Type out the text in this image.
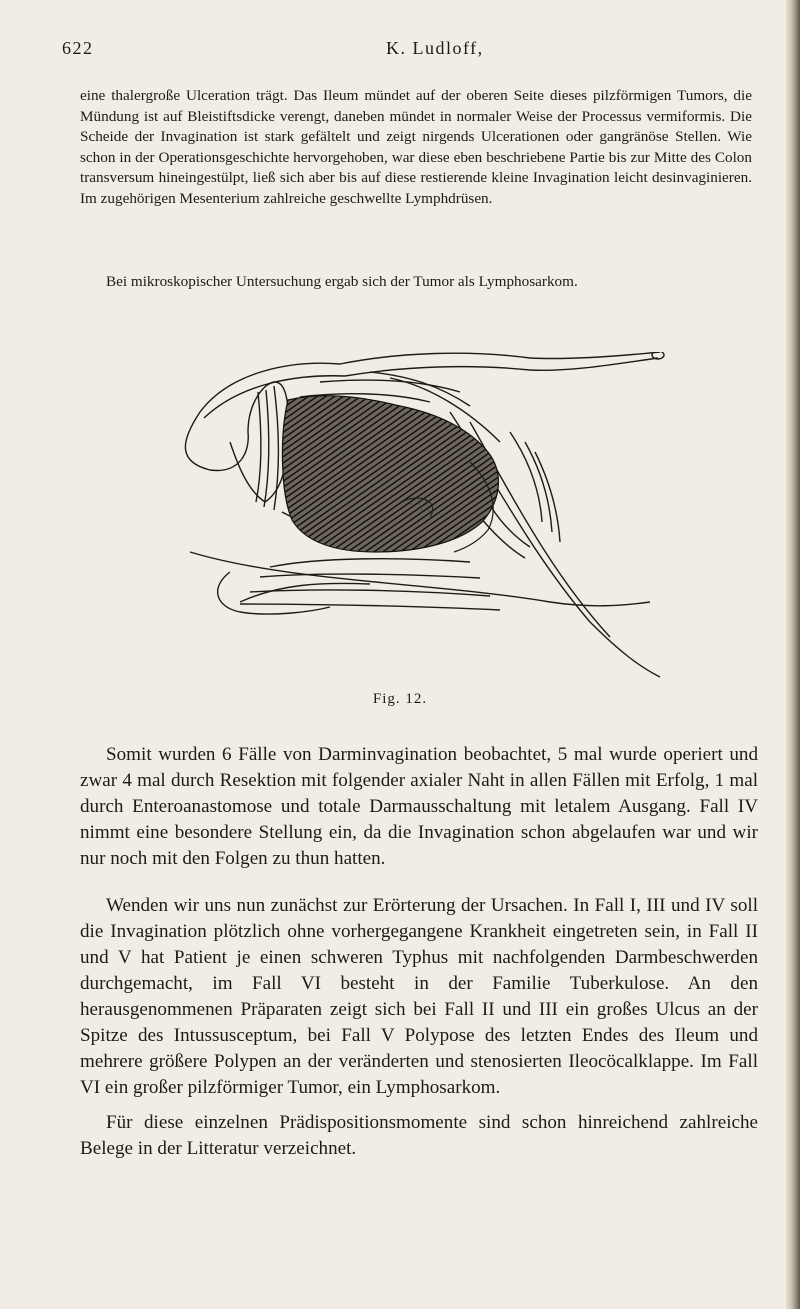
622	K. Ludloff,

eine thalergroße Ulceration trägt. Das Ileum mündet auf der oberen Seite dieses pilzförmigen Tumors, die Mündung ist auf Bleistiftsdicke verengt, daneben mündet in normaler Weise der Processus vermiformis. Die Scheide der Invagination ist stark gefältelt und zeigt nirgends Ulcerationen oder gangränöse Stellen. Wie schon in der Operationsgeschichte hervorgehoben, war diese eben beschriebene Partie bis zur Mitte des Colon transversum hineingestülpt, ließ sich aber bis auf diese restierende kleine Invagination leicht desinvaginieren. Im zugehörigen Mesenterium zahlreiche geschwellte Lymphdrüsen.

Bei mikroskopischer Untersuchung ergab sich der Tumor als Lymphosarkom.

Fig. 12.

Somit wurden 6 Fälle von Darminvagination beobachtet, 5 mal wurde operiert und zwar 4 mal durch Resektion mit folgender axialer Naht in allen Fällen mit Erfolg, 1 mal durch Enteroanastomose und totale Darmausschaltung mit letalem Ausgang. Fall IV nimmt eine besondere Stellung ein, da die Invagination schon abgelaufen war und wir nur noch mit den Folgen zu thun hatten.

Wenden wir uns nun zunächst zur Erörterung der Ursachen. In Fall I, III und IV soll die Invagination plötzlich ohne vorhergegangene Krankheit eingetreten sein, in Fall II und V hat Patient je einen schweren Typhus mit nachfolgenden Darmbeschwerden durchgemacht, im Fall VI besteht in der Familie Tuberkulose. An den herausgenommenen Präparaten zeigt sich bei Fall II und III ein großes Ulcus an der Spitze des Intussusceptum, bei Fall V Polypose des letzten Endes des Ileum und mehrere größere Polypen an der veränderten und stenosierten Ileocöcalklappe. Im Fall VI ein großer pilzförmiger Tumor, ein Lymphosarkom.

Für diese einzelnen Prädispositionsmomente sind schon hinreichend zahlreiche Belege in der Litteratur verzeichnet.
